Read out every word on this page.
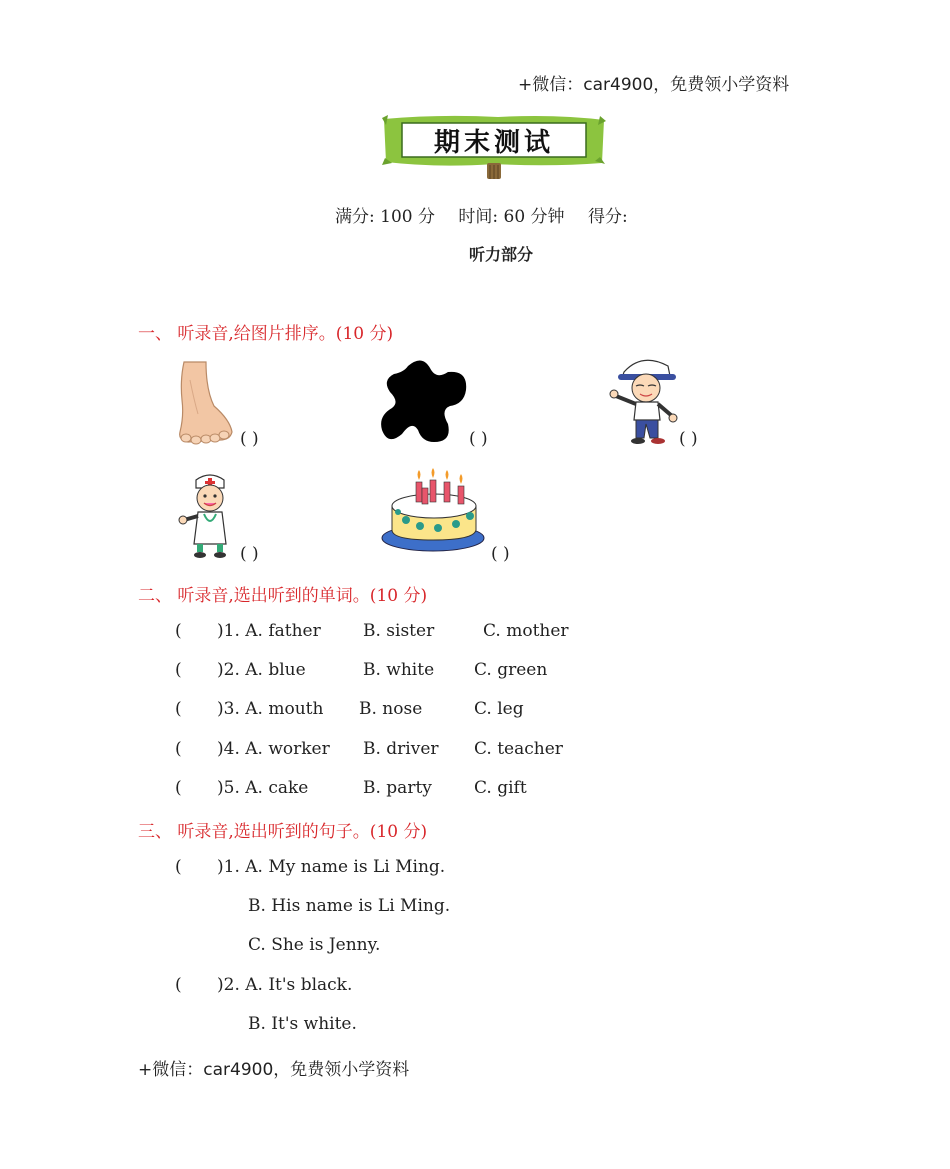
+微信：car4900，免费领小学资料
期末测试
满分: 100 分 时间: 60 分钟 得分:
听力部分
一、 听录音,给图片排序。(10 分)
( )	( )	( )
( )	( )
二、 听录音,选出听到的单词。(10 分)
( )1. A. father B. sister	C. mother
( )2. A. blue	B. white C. green
( )3. A. mouth B. nose	C. leg
( )4. A. worker B. driver C. teacher
( )5. A. cake	B. party C. gift
三、 听录音,选出听到的句子。(10 分)
( )1. A. My name is Li Ming.
B. His name is Li Ming.
C. She is Jenny.
( )2. A. It's black.
B. It's white.
+微信：car4900，免费领小学资料
